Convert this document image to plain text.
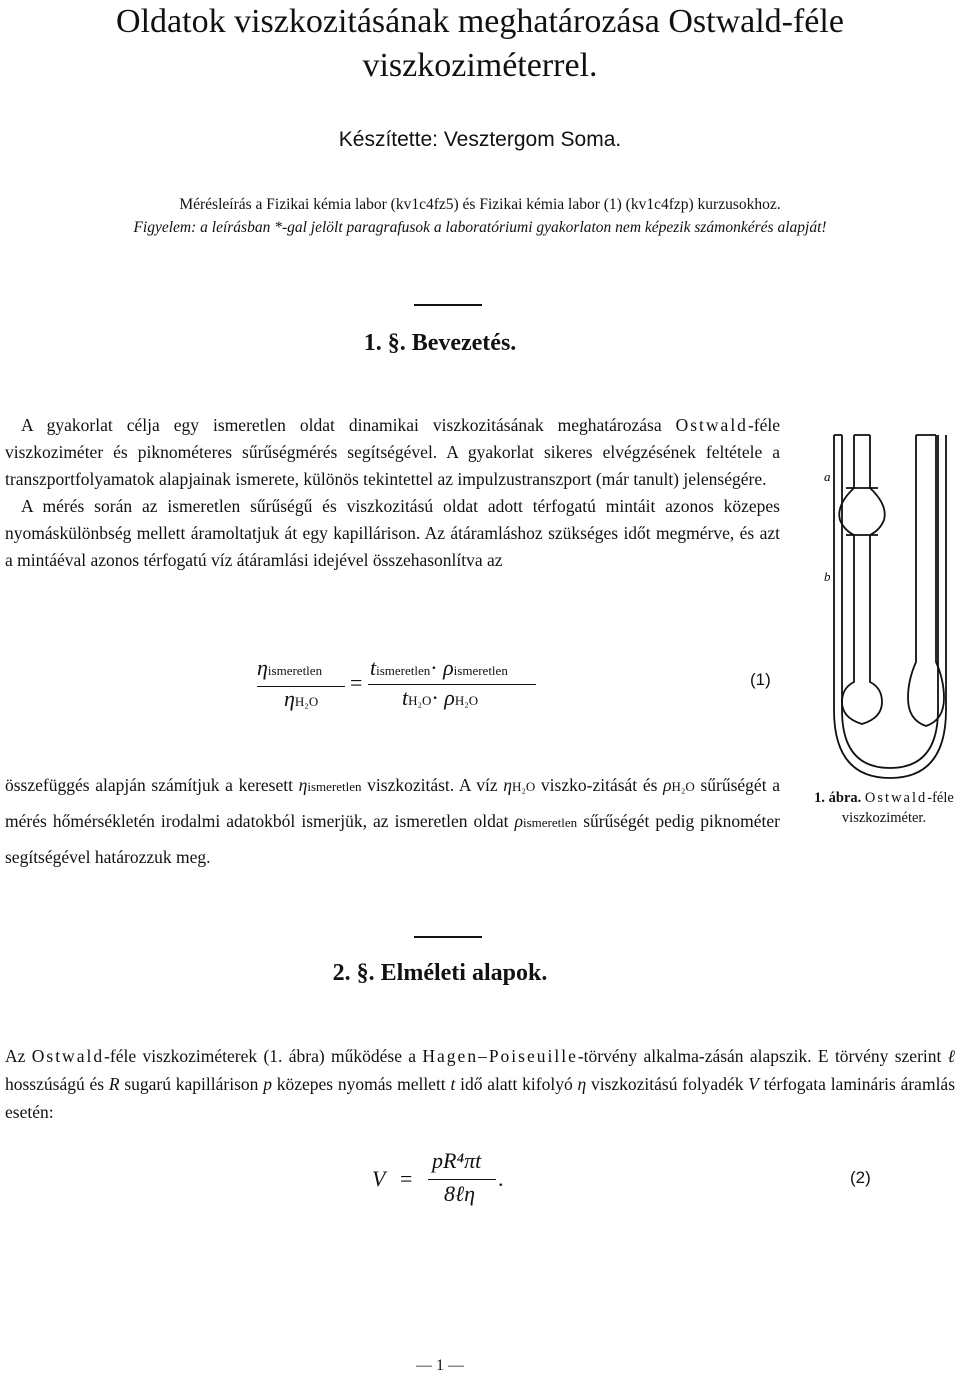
Oldatok viszkozitásának meghatározása Ostwald-féle viszkoziméterrel.
Készítette: Vesztergom Soma.
Mérésleírás a Fizikai kémia labor (kv1c4fz5) és Fizikai kémia labor (1) (kv1c4fzp) kurzusokhoz.
Figyelem: a leírásban *-gal jelölt paragrafusok a laboratóriumi gyakorlaton nem képezik számonkérés alapját!
1. §. Bevezetés.

A gyakorlat célja egy ismeretlen oldat dinamikai viszkozitásának meghatározása Ostwald-féle viszkoziméter és piknométeres sűrűségmérés segítségével. A gyakorlat sikeres elvégzésének feltétele a transzportfolyamatok alapjainak ismerete, különös tekintettel az impulzustranszport (már tanult) jelenségére.

A mérés során az ismeretlen sűrűségű és viszkozitású oldat adott térfogatú mintáit azonos közepes nyomáskülönbség mellett áramoltatjuk át egy kapillárison. Az átáramláshoz szükséges időt megmérve, és azt a mintáéval azonos térfogatú víz átáramlási idejével összehasonlítva az

a
b
ηismeretlen
ηH₂O
=
tismeretlen· ρismeretlen
tH₂O· ρH₂O
(1)

összefüggés alapján számítjuk a keresett ηismeretlen viszkozitást. A víz ηH₂O viszko-zitását és ρH₂O sűrűségét a mérés hőmérsékletén irodalmi adatokból ismerjük, az ismeretlen oldat ρismeretlen sűrűségét pedig piknométer segítségével határozzuk meg.

1. ábra. Ostwald-féle viszkoziméter.
2. §. Elméleti alapok.

Az Ostwald-féle viszkoziméterek (1. ábra) működése a Hagen–Poiseuille-törvény alkalma-zásán alapszik. E törvény szerint ℓ hosszúságú és R sugarú kapillárison p közepes nyomás mellett t idő alatt kifolyó η viszkozitású folyadék V térfogata lamináris áramlás esetén:

V =
pR⁴πt
8ℓη
.	(2)
— 1 —
